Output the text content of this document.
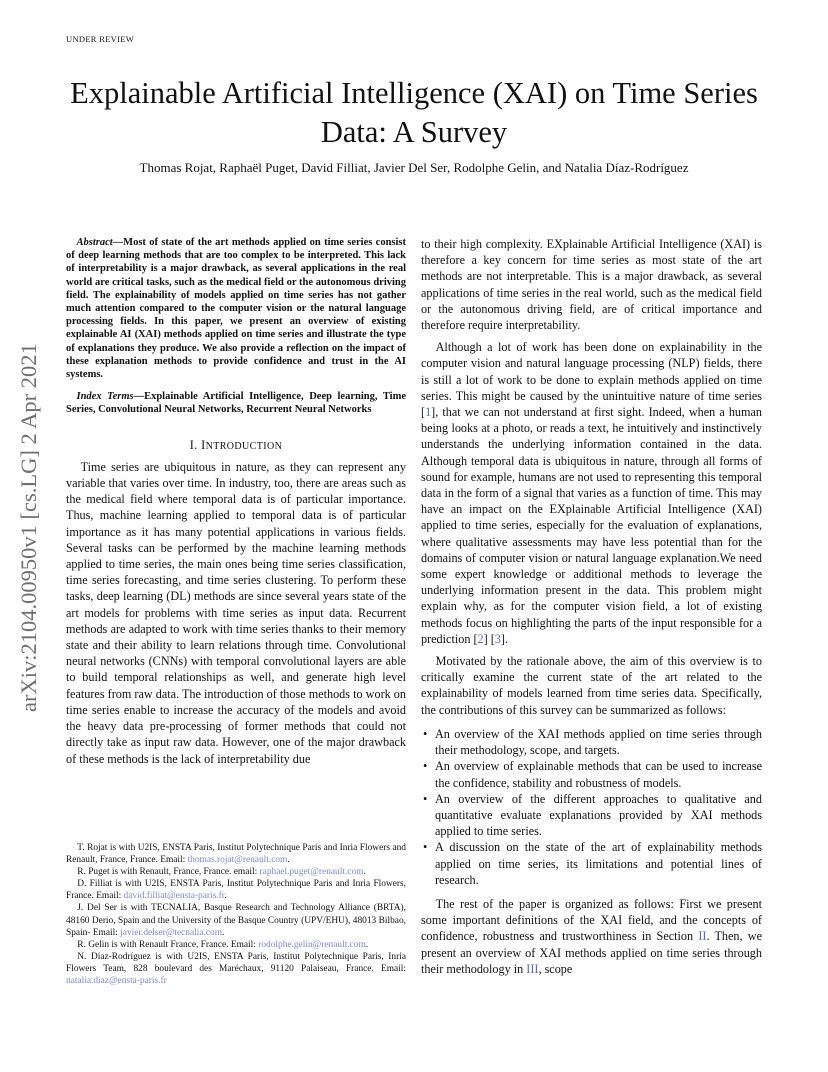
UNDER REVIEW
arXiv:2104.00950v1 [cs.LG] 2 Apr 2021
Explainable Artificial Intelligence (XAI) on Time Series Data: A Survey
Thomas Rojat, Raphaël Puget, David Filliat, Javier Del Ser, Rodolphe Gelin, and Natalia Díaz-Rodríguez

Abstract—Most of state of the art methods applied on time series consist of deep learning methods that are too complex to be interpreted. This lack of interpretability is a major drawback, as several applications in the real world are critical tasks, such as the medical field or the autonomous driving field. The explainability of models applied on time series has not gather much attention compared to the computer vision or the natural language processing fields. In this paper, we present an overview of existing explainable AI (XAI) methods applied on time series and illustrate the type of explanations they produce. We also provide a reflection on the impact of these explanation methods to provide confidence and trust in the AI systems.

Index Terms—Explainable Artificial Intelligence, Deep learning, Time Series, Convolutional Neural Networks, Recurrent Neural Networks

I. INTRODUCTION

Time series are ubiquitous in nature, as they can represent any variable that varies over time. In industry, too, there are areas such as the medical field where temporal data is of particular importance. Thus, machine learning applied to temporal data is of particular importance as it has many potential applications in various fields. Several tasks can be performed by the machine learning methods applied to time series, the main ones being time series classification, time series forecasting, and time series clustering. To perform these tasks, deep learning (DL) methods are since several years state of the art models for problems with time series as input data. Recurrent methods are adapted to work with time series thanks to their memory state and their ability to learn relations through time. Convolutional neural networks (CNNs) with temporal convolutional layers are able to build temporal relationships as well, and generate high level features from raw data. The introduction of those methods to work on time series enable to increase the accuracy of the models and avoid the heavy data pre-processing of former methods that could not directly take as input raw data. However, one of the major drawback of these methods is the lack of interpretability due

T. Rojat is with U2IS, ENSTA Paris, Institut Polytechnique Paris and Inria Flowers and Renault, France, France. Email: thomas.rojat@renault.com.

R. Puget is with Renault, France, France. email: raphael.puget@renault.com.

D. Filliat is with U2IS, ENSTA Paris, Institut Polytechnique Paris and Inria Flowers, France. Email: david.filliat@ensta-paris.fr.

J. Del Ser is with TECNALIA, Basque Research and Technology Alliance (BRTA), 48160 Derio, Spain and the University of the Basque Country (UPV/EHU), 48013 Bilbao, Spain- Email: javier.delser@tecnalia.com.

R. Gelin is with Renault France, France. Email: rodolphe.gelin@renault.com.

N. Díaz-Rodríguez is with U2IS, ENSTA Paris, Institut Polytechnique Paris, Inria Flowers Team, 828 boulevard des Maréchaux, 91120 Palaiseau, France. Email: natalia.diaz@ensta-paris.fr

to their high complexity. EXplainable Artificial Intelligence (XAI) is therefore a key concern for time series as most state of the art methods are not interpretable. This is a major drawback, as several applications of time series in the real world, such as the medical field or the autonomous driving field, are of critical importance and therefore require interpretability.

Although a lot of work has been done on explainability in the computer vision and natural language processing (NLP) fields, there is still a lot of work to be done to explain methods applied on time series. This might be caused by the unintuitive nature of time series [1], that we can not understand at first sight. Indeed, when a human being looks at a photo, or reads a text, he intuitively and instinctively understands the underlying information contained in the data. Although temporal data is ubiquitous in nature, through all forms of sound for example, humans are not used to representing this temporal data in the form of a signal that varies as a function of time. This may have an impact on the EXplainable Artificial Intelligence (XAI) applied to time series, especially for the evaluation of explanations, where qualitative assessments may have less potential than for the domains of computer vision or natural language explanation.We need some expert knowledge or additional methods to leverage the underlying information present in the data. This problem might explain why, as for the computer vision field, a lot of existing methods focus on highlighting the parts of the input responsible for a prediction [2] [3].

Motivated by the rationale above, the aim of this overview is to critically examine the current state of the art related to the explainability of models learned from time series data. Specifically, the contributions of this survey can be summarized as follows:

• An overview of the XAI methods applied on time series through their methodology, scope, and targets.
• An overview of explainable methods that can be used to increase the confidence, stability and robustness of models.
• An overview of the different approaches to qualitative and quantitative evaluate explanations provided by XAI methods applied to time series.
• A discussion on the state of the art of explainability methods applied on time series, its limitations and potential lines of research.

The rest of the paper is organized as follows: First we present some important definitions of the XAI field, and the concepts of confidence, robustness and trustworthiness in Section II. Then, we present an overview of XAI methods applied on time series through their methodology in III, scope
